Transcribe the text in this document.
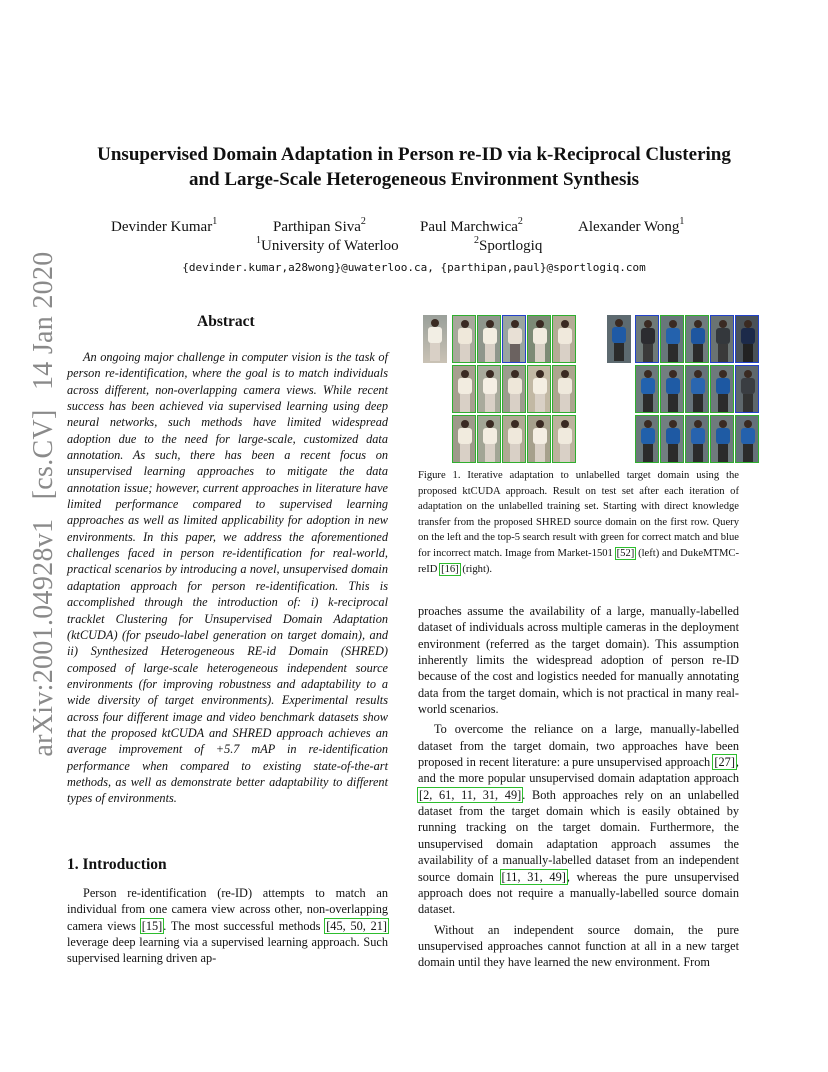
Unsupervised Domain Adaptation in Person re-ID via k-Reciprocal Clustering
and Large-Scale Heterogeneous Environment Synthesis
Devinder Kumar$^1$	Parthipan Siva$^2$	Paul Marchwica$^2$	Alexander Wong$^1$
$^1$University of Waterloo	$^2$Sportlogiq
{devinder.kumar,a28wong}@uwaterloo.ca, {parthipan,paul}@sportlogiq.com
arXiv:2001.04928v1 [cs.CV] 14 Jan 2020	Abstract
An ongoing major challenge in computer vision is the task of person re-identification, where the goal is to match individuals across different, non-overlapping camera views. While recent success has been achieved via supervised learning using deep neural networks, such methods have limited widespread adoption due to the need for large-scale, customized data annotation. As such, there has been a recent focus on unsupervised learning approaches to mitigate the data annotation issue; however, current approaches in literature have limited performance compared to supervised learning approaches as well as limited applicability for adoption in new environments. In this paper, we address the aforementioned challenges faced in person re-identification for real-world, practical scenarios by introducing a novel, unsupervised domain adaptation approach for person re-identification. This is accomplished through the introduction of: i) k-reciprocal tracklet Clustering for Unsupervised Domain Adaptation (ktCUDA) (for pseudo-label generation on target domain), and ii) Synthesized Heterogeneous RE-id Domain (SHRED) composed of large-scale heterogeneous independent source environments (for improving robustness and adaptability to a wide diversity of target environments). Experimental results across four different image and video benchmark datasets show that the proposed ktCUDA and SHRED approach achieves an average improvement of +5.7 mAP in re-identification performance when compared to existing state-of-the-art methods, as well as demonstrate better adaptability to different types of environments.
1. Introduction

Person re-identification (re-ID) attempts to match an individual from one camera view across other, non-overlapping camera views [15]. The most successful methods [45, 50, 21] leverage deep learning via a supervised learning approach. Such supervised learning driven ap-

Figure 1. Iterative adaptation to unlabelled target domain using the proposed ktCUDA approach. Result on test set after each iteration of adaptation on the unlabelled training set. Starting with direct knowledge transfer from the proposed SHRED source domain on the first row. Query on the left and the top-5 search result with green for correct match and blue for incorrect match. Image from Market-1501 [52] (left) and DukeMTMC-reID [16] (right).

proaches assume the availability of a large, manually-labelled dataset of individuals across multiple cameras in the deployment environment (referred as the target domain). This assumption inherently limits the widespread adoption of person re-ID because of the cost and logistics needed for manually annotating data from the target domain, which is not practical in many real-world scenarios.

To overcome the reliance on a large, manually-labelled dataset from the target domain, two approaches have been proposed in recent literature: a pure unsupervised approach [27], and the more popular unsupervised domain adaptation approach [2, 61, 11, 31, 49]. Both approaches rely on an unlabelled dataset from the target domain which is easily obtained by running tracking on the target domain. Furthermore, the unsupervised domain adaptation approach assumes the availability of a manually-labelled dataset from an independent source domain [11, 31, 49], whereas the pure unsupervised approach does not require a manually-labelled source domain dataset.

Without an independent source domain, the pure unsupervised approaches cannot function at all in a new target domain until they have learned the new environment. From
